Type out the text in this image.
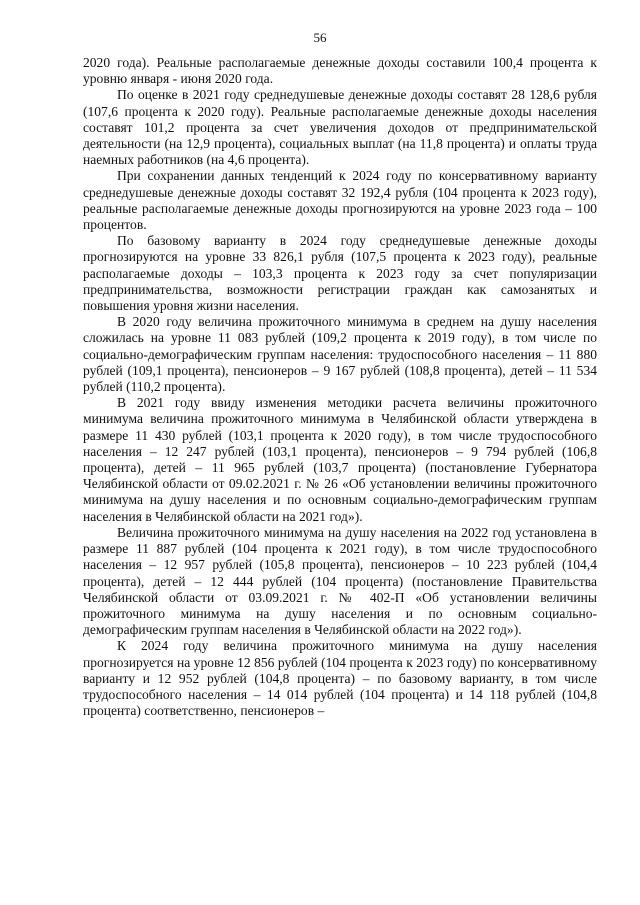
56

2020 года). Реальные располагаемые денежные доходы составили 100,4 процента к уровню января - июня 2020 года.

По оценке в 2021 году среднедушевые денежные доходы составят 28 128,6 рубля (107,6 процента к 2020 году). Реальные располагаемые денежные доходы населения составят 101,2 процента за счет увеличения доходов от предпринимательской деятельности (на 12,9 процента), социальных выплат (на 11,8 процента) и оплаты труда наемных работников (на 4,6 процента).

При сохранении данных тенденций к 2024 году по консервативному варианту среднедушевые денежные доходы составят 32 192,4 рубля (104 процента к 2023 году), реальные располагаемые денежные доходы прогнозируются на уровне 2023 года – 100 процентов.

По базовому варианту в 2024 году среднедушевые денежные доходы прогнозируются на уровне 33 826,1 рубля (107,5 процента к 2023 году), реальные располагаемые доходы – 103,3 процента к 2023 году за счет популяризации предпринимательства, возможности регистрации граждан как самозанятых и повышения уровня жизни населения.

В 2020 году величина прожиточного минимума в среднем на душу населения сложилась на уровне 11 083 рублей (109,2 процента к 2019 году), в том числе по социально-демографическим группам населения: трудоспособного населения – 11 880 рублей (109,1 процента), пенсионеров – 9 167 рублей (108,8 процента), детей – 11 534 рублей (110,2 процента).

В 2021 году ввиду изменения методики расчета величины прожиточного минимума величина прожиточного минимума в Челябинской области утверждена в размере 11 430 рублей (103,1 процента к 2020 году), в том числе трудоспособного населения – 12 247 рублей (103,1 процента), пенсионеров – 9 794 рублей (106,8 процента), детей – 11 965 рублей (103,7 процента) (постановление Губернатора Челябинской области от 09.02.2021 г. № 26 «Об установлении величины прожиточного минимума на душу населения и по основным социально-демографическим группам населения в Челябинской области на 2021 год»).

Величина прожиточного минимума на душу населения на 2022 год установлена в размере 11 887 рублей (104 процента к 2021 году), в том числе трудоспособного населения – 12 957 рублей (105,8 процента), пенсионеров – 10 223 рублей (104,4 процента), детей – 12 444 рублей (104 процента) (постановление Правительства Челябинской области от 03.09.2021 г. № 402-П «Об установлении величины прожиточного минимума на душу населения и по основным социально-демографическим группам населения в Челябинской области на 2022 год»).

К 2024 году величина прожиточного минимума на душу населения прогнозируется на уровне 12 856 рублей (104 процента к 2023 году) по консервативному варианту и 12 952 рублей (104,8 процента) – по базовому варианту, в том числе трудоспособного населения – 14 014 рублей (104 процента) и 14 118 рублей (104,8 процента) соответственно, пенсионеров –
